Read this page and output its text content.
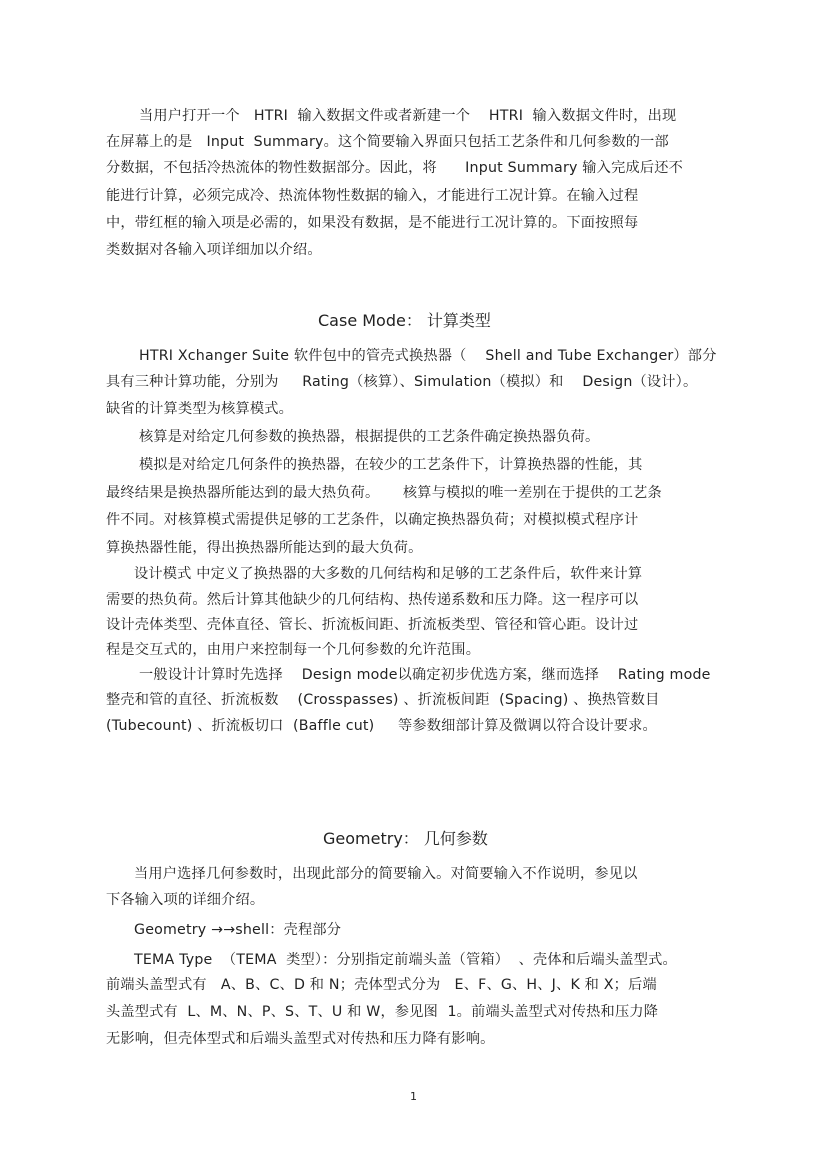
当用户打开一个   HTRI  输入数据文件或者新建一个    HTRI  输入数据文件时，出现

在屏幕上的是   Input  Summary。这个简要输入界面只包括工艺条件和几何参数的一部

分数据，不包括冷热流体的物性数据部分。因此，将      Input Summary 输入完成后还不

能进行计算，必须完成冷、热流体物性数据的输入，才能进行工况计算。在输入过程

中，带红框的输入项是必需的，如果没有数据，是不能进行工况计算的。下面按照每

类数据对各输入项详细加以介绍。

Case Mode： 计算类型

HTRI Xchanger Suite 软件包中的管壳式换热器（    Shell and Tube Exchanger）部分

具有三种计算功能，分别为     Rating（核算）、Simulation（模拟）和    Design（设计）。

缺省的计算类型为核算模式。

核算是对给定几何参数的换热器，根据提供的工艺条件确定换热器负荷。

模拟是对给定几何条件的换热器，在较少的工艺条件下，计算换热器的性能，其

最终结果是换热器所能达到的最大热负荷。     核算与模拟的唯一差别在于提供的工艺条

件不同。对核算模式需提供足够的工艺条件，以确定换热器负荷；对模拟模式程序计

算换热器性能，得出换热器所能达到的最大负荷。

设计模式 中定义了换热器的大多数的几何结构和足够的工艺条件后，软件来计算

需要的热负荷。然后计算其他缺少的几何结构、热传递系数和压力降。这一程序可以

设计壳体类型、壳体直径、管长、折流板间距、折流板类型、管径和管心距。设计过

程是交互式的，由用户来控制每一个几何参数的允许范围。

一般设计计算时先选择    Design mode以确定初步优选方案，继而选择    Rating mode

整壳和管的直径、折流板数    (Crosspasses) 、折流板间距  (Spacing) 、换热管数目

(Tubecount) 、折流板切口  (Baffle cut)     等参数细部计算及微调以符合设计要求。

Geometry： 几何参数

当用户选择几何参数时，出现此部分的简要输入。对简要输入不作说明，参见以

下各输入项的详细介绍。

Geometry →→shell：壳程部分

TEMA Type  （TEMA  类型）：分别指定前端头盖（管箱）  、壳体和后端头盖型式。

前端头盖型式有   A、B、C、D 和 N；壳体型式分为   E、F、G、H、J、K 和 X；后端

头盖型式有  L、M、N、P、S、T、U 和 W，参见图  1。前端头盖型式对传热和压力降

无影响，但壳体型式和后端头盖型式对传热和压力降有影响。

1
